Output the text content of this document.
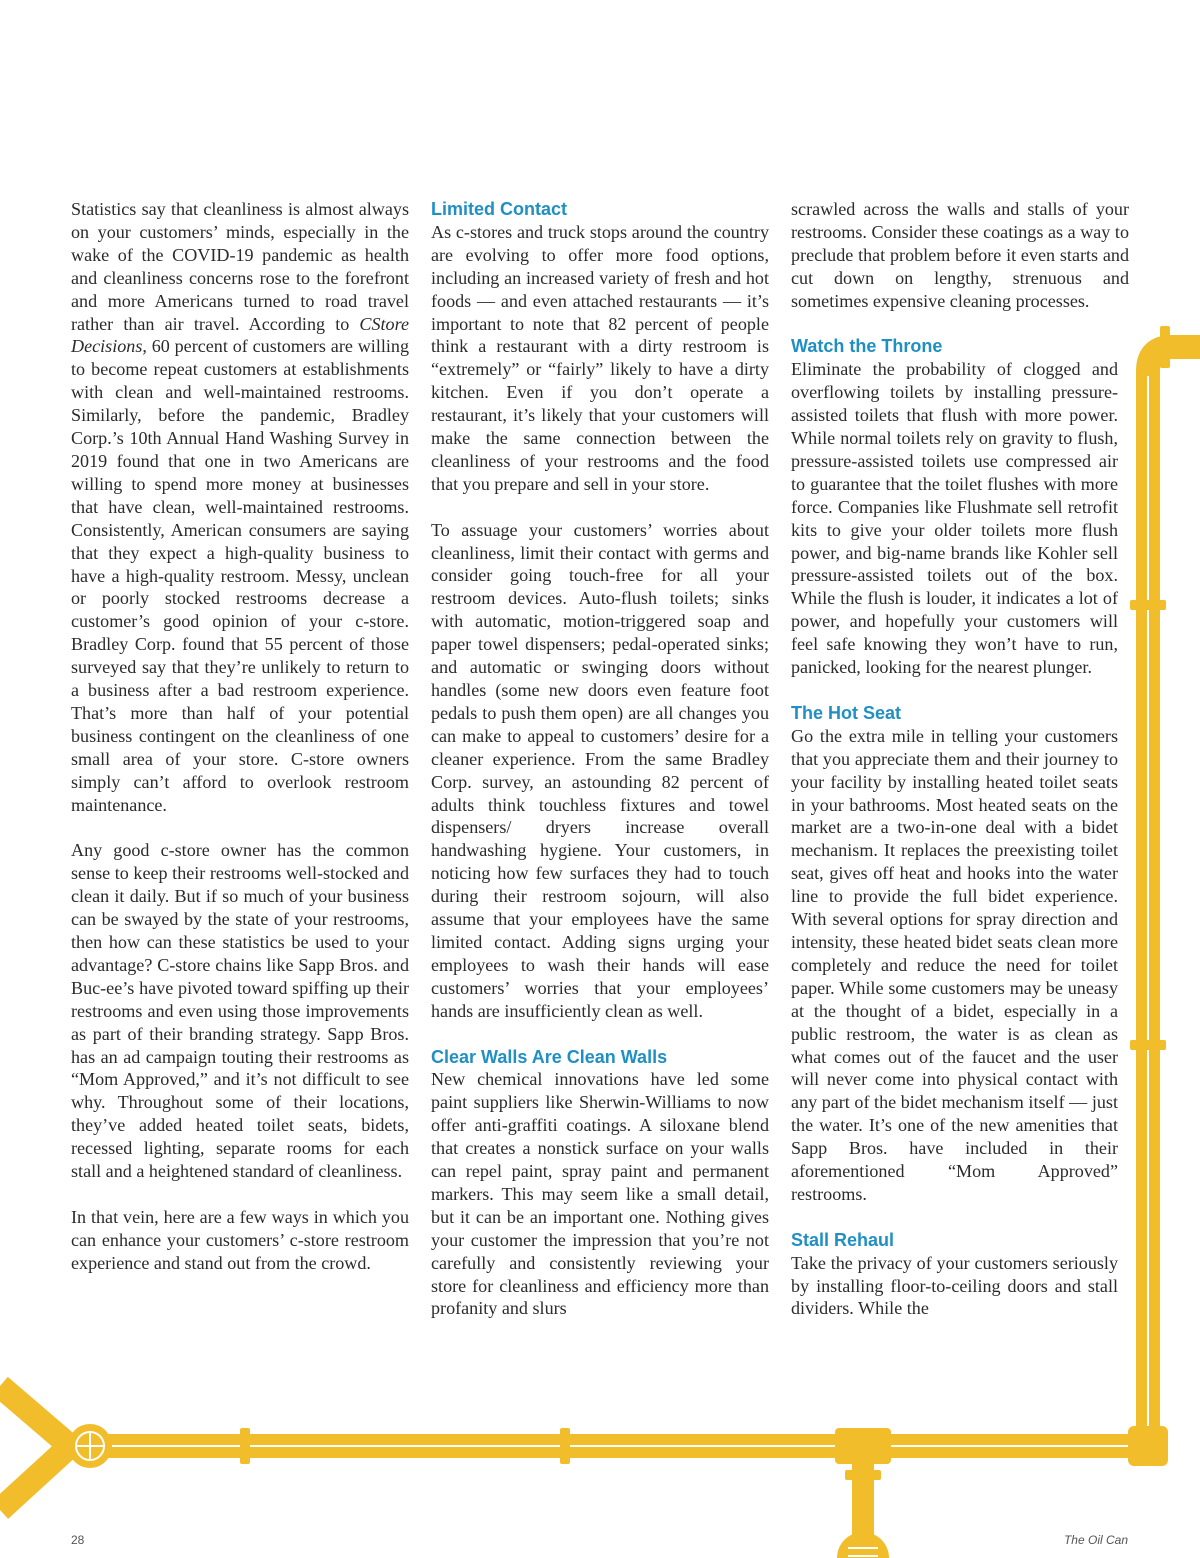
Statistics say that cleanliness is almost always on your customers’ minds, especially in the wake of the COVID-19 pandemic as health and cleanliness concerns rose to the forefront and more Americans turned to road travel rather than air travel. According to CStore Decisions, 60 percent of customers are willing to become repeat customers at establishments with clean and well-maintained restrooms. Similarly, before the pandemic, Bradley Corp.’s 10th Annual Hand Washing Survey in 2019 found that one in two Americans are willing to spend more money at businesses that have clean, well-maintained restrooms. Consistently, American consumers are saying that they expect a high-quality business to have a high-quality restroom. Messy, unclean or poorly stocked restrooms decrease a customer’s good opinion of your c-store. Bradley Corp. found that 55 percent of those surveyed say that they’re unlikely to return to a business after a bad restroom experience. That’s more than half of your potential business contingent on the cleanliness of one small area of your store. C-store owners simply can’t afford to overlook restroom maintenance.

Any good c-store owner has the common sense to keep their restrooms well-stocked and clean it daily. But if so much of your business can be swayed by the state of your restrooms, then how can these statistics be used to your advantage? C-store chains like Sapp Bros. and Buc-ee’s have pivoted toward spiffing up their restrooms and even using those improvements as part of their branding strategy. Sapp Bros. has an ad campaign touting their restrooms as “Mom Approved,” and it’s not difficult to see why. Throughout some of their locations, they’ve added heated toilet seats, bidets, recessed lighting, separate rooms for each stall and a heightened standard of cleanliness.

In that vein, here are a few ways in which you can enhance your customers’ c-store restroom experience and stand out from the crowd.

Limited Contact

As c-stores and truck stops around the country are evolving to offer more food options, including an increased variety of fresh and hot foods — and even attached restaurants — it’s important to note that 82 percent of people think a restaurant with a dirty restroom is “extremely” or “fairly” likely to have a dirty kitchen. Even if you don’t operate a restaurant, it’s likely that your customers will make the same connection between the cleanliness of your restrooms and the food that you prepare and sell in your store.

To assuage your customers’ worries about cleanliness, limit their contact with germs and consider going touch-free for all your restroom devices. Auto-flush toilets; sinks with automatic, motion-triggered soap and paper towel dispensers; pedal-operated sinks; and automatic or swinging doors without handles (some new doors even feature foot pedals to push them open) are all changes you can make to appeal to customers’ desire for a cleaner experience. From the same Bradley Corp. survey, an astounding 82 percent of adults think touchless fixtures and towel dispensers/ dryers increase overall handwashing hygiene. Your customers, in noticing how few surfaces they had to touch during their restroom sojourn, will also assume that your employees have the same limited contact. Adding signs urging your employees to wash their hands will ease customers’ worries that your employees’ hands are insufficiently clean as well.

Clear Walls Are Clean Walls

New chemical innovations have led some paint suppliers like Sherwin-Williams to now offer anti-graffiti coatings. A siloxane blend that creates a nonstick surface on your walls can repel paint, spray paint and permanent markers. This may seem like a small detail, but it can be an important one. Nothing gives your customer the impression that you’re not carefully and consistently reviewing your store for cleanliness and efficiency more than profanity and slurs

scrawled across the walls and stalls of your restrooms. Consider these coatings as a way to preclude that problem before it even starts and cut down on lengthy, strenuous and sometimes expensive cleaning processes.

Watch the Throne

Eliminate the probability of clogged and overflowing toilets by installing pressure-assisted toilets that flush with more power. While normal toilets rely on gravity to flush, pressure-assisted toilets use compressed air to guarantee that the toilet flushes with more force. Companies like Flushmate sell retrofit kits to give your older toilets more flush power, and big-name brands like Kohler sell pressure-assisted toilets out of the box. While the flush is louder, it indicates a lot of power, and hopefully your customers will feel safe knowing they won’t have to run, panicked, looking for the nearest plunger.

The Hot Seat

Go the extra mile in telling your customers that you appreciate them and their journey to your facility by installing heated toilet seats in your bathrooms. Most heated seats on the market are a two-in-one deal with a bidet mechanism. It replaces the preexisting toilet seat, gives off heat and hooks into the water line to provide the full bidet experience. With several options for spray direction and intensity, these heated bidet seats clean more completely and reduce the need for toilet paper. While some customers may be uneasy at the thought of a bidet, especially in a public restroom, the water is as clean as what comes out of the faucet and the user will never come into physical contact with any part of the bidet mechanism itself — just the water. It’s one of the new amenities that Sapp Bros. have included in their aforementioned “Mom Approved” restrooms.

Stall Rehaul

Take the privacy of your customers seriously by installing floor-to-ceiling doors and stall dividers. While the

28	The Oil Can
